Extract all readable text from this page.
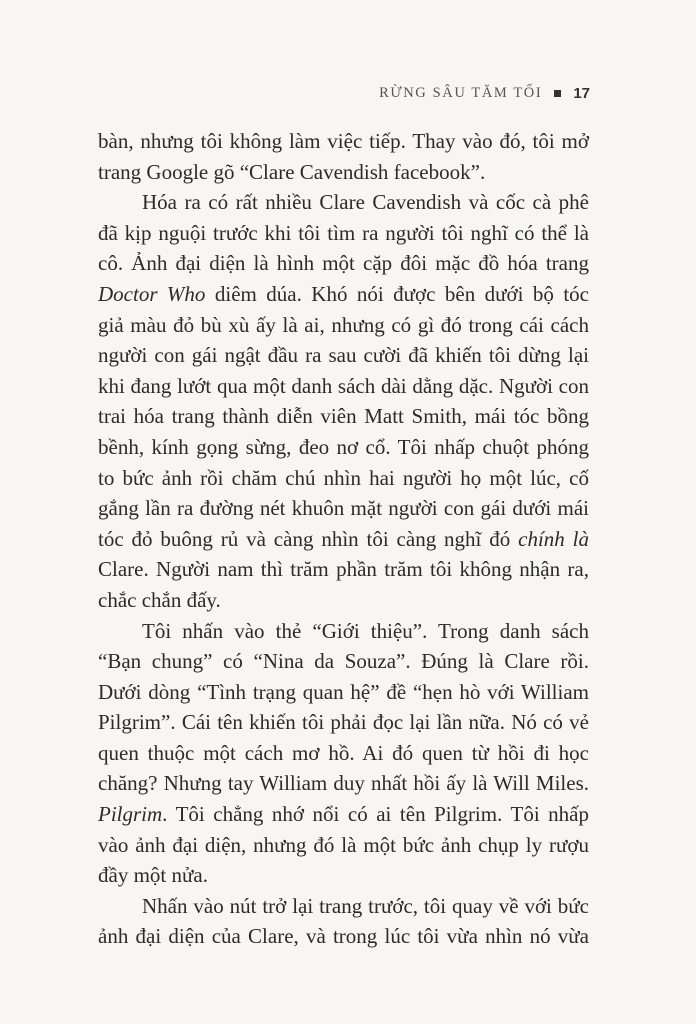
RỪNG SÂU TĂM TỐI 17
bàn, nhưng tôi không làm việc tiếp. Thay vào đó, tôi mở
trang Google gõ “Clare Cavendish facebook”.
Hóa ra có rất nhiều Clare Cavendish và cốc cà phê
đã kịp nguội trước khi tôi tìm ra người tôi nghĩ có thể là
cô. Ảnh đại diện là hình một cặp đôi mặc đồ hóa trang
Doctor Who diêm dúa. Khó nói được bên dưới bộ tóc
giả màu đỏ bù xù ấy là ai, nhưng có gì đó trong cái cách
người con gái ngật đầu ra sau cười đã khiến tôi dừng lại
khi đang lướt qua một danh sách dài dằng dặc. Người con
trai hóa trang thành diễn viên Matt Smith, mái tóc bồng
bềnh, kính gọng sừng, đeo nơ cổ. Tôi nhấp chuột phóng
to bức ảnh rồi chăm chú nhìn hai người họ một lúc, cố
gắng lần ra đường nét khuôn mặt người con gái dưới mái
tóc đỏ buông rủ và càng nhìn tôi càng nghĩ đó chính là
Clare. Người nam thì trăm phần trăm tôi không nhận ra,
chắc chắn đấy.
Tôi nhấn vào thẻ “Giới thiệu”. Trong danh sách
“Bạn chung” có “Nina da Souza”. Đúng là Clare rồi.
Dưới dòng “Tình trạng quan hệ” đề “hẹn hò với William
Pilgrim”. Cái tên khiến tôi phải đọc lại lần nữa. Nó có vẻ
quen thuộc một cách mơ hồ. Ai đó quen từ hồi đi học
chăng? Nhưng tay William duy nhất hồi ấy là Will Miles.
Pilgrim. Tôi chẳng nhớ nổi có ai tên Pilgrim. Tôi nhấp
vào ảnh đại diện, nhưng đó là một bức ảnh chụp ly rượu
đầy một nửa.
Nhấn vào nút trở lại trang trước, tôi quay về với bức
ảnh đại diện của Clare, và trong lúc tôi vừa nhìn nó vừa
